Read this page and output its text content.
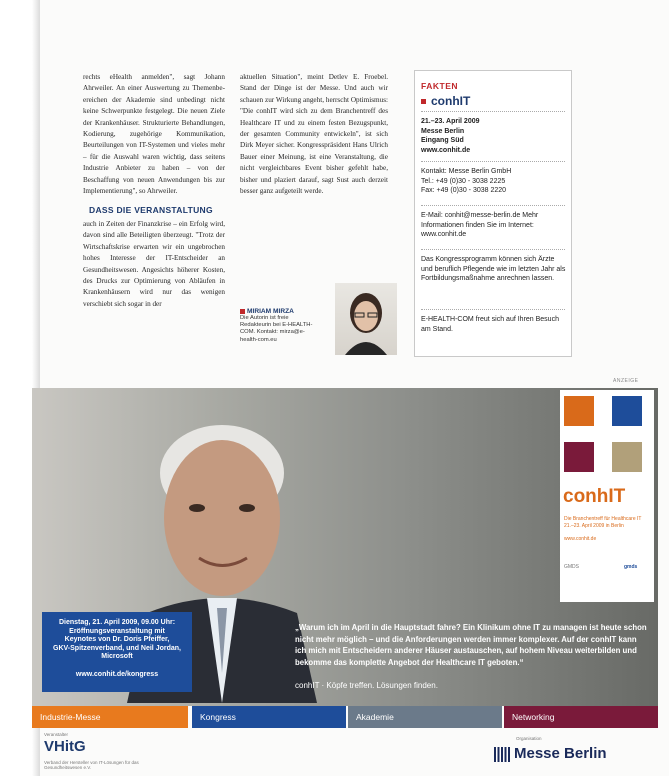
rechts eHealth anmelden", sagt Johann Ahrweiler. An einer Auswertung zu Themenbeereichen der Akademie sind unbedingt nicht keine Schwerpunkte festgelegt. Die neuen Ziele der Krankenhäuser. Strukturierte Behandlungen, Kodierung, zugehörige Kommunikation, Beurteilungen von IT-Systemen und vieles mehr – für die Auswahl waren wichtig, dass seitens Industrie Anbieter zu haben – von der Beschaffung von neuen Anwendungen bis zur Implementierung", so Ahrweiler.

DASS DIE VERANSTALTUNG

auch in Zeiten der Finanzkrise – ein Erfolg wird, davon sind alle Beteiligten überzeugt. "Trotz der Wirtschaftskrise erwarten wir ein ungebrochen hohes Interesse der IT-Entscheider an Gesundheitswesen. Angesichts höherer Kosten, des Drucks zur Optimierung von Abläufen in Krankenhäusern wird nur das wenigen verschiebt sich sogar in der

aktuellen Situation", meint Detlev E. Froebel. Stand der Dinge ist der Messe. Und auch wir schauen zur Wirkung angeht, herrscht Optimismus: "Die conhIT wird sich zu dem Branchentreff des Healthcare IT und zu einem festen Bezugspunkt, der gesamten Community entwickeln", ist sich Dirk Meyer sicher. Kongresspräsident Hans Ulrich Bauer einer Meinung, ist eine Veranstaltung, die nicht vergleichbares Event bisher gefehlt habe, bisher und plaziert darauf, sagt Sust auch derzeit besser ganz aufgeteilt werde.

MIRIAM MIRZA
Die Autorin ist freie Redakteurin bei E-HEALTH-COM. Kontakt: mirza@e-health-com.eu
FAKTEN
conhIT
21.–23. April 2009
Messe Berlin
Eingang Süd
www.conhit.de
Kontakt: Messe Berlin GmbH
Tel.: +49 (0)30 - 3038 2225
Fax: +49 (0)30 - 3038 2220
E-Mail: conhit@messe-berlin.de Mehr Informationen finden Sie im Internet: www.conhit.de
Das Kongressprogramm können sich Ärzte und beruflich Pflegende wie im letzten Jahr als Fortbildungsmaßnahme anrechnen lassen.
E-HEALTH-COM freut sich auf Ihren Besuch am Stand.
ANZEIGE
conhIT
Die Branchentreff für Healthcare IT
21.–23. April 2009 in Berlin
www.conhit.de
GMDS	gmds
Dienstag, 21. April 2009, 09.00 Uhr:
Eröffnungsveranstaltung mit
Keynotes von Dr. Doris Pfeiffer,
GKV-Spitzenverband, und Neil Jordan,
Microsoft
www.conhit.de/kongress
„Warum ich im April in die Hauptstadt fahre? Ein Klinikum ohne IT zu managen ist heute schon nicht mehr möglich – und die Anforderungen werden immer komplexer. Auf der conhIT kann ich mich mit Entscheidern anderer Häuser austauschen, auf hohem Niveau weiterbilden und bekomme das komplette Angebot der Healthcare IT geboten.“
conhIT · Köpfe treffen. Lösungen finden.
Industrie-Messe	Kongress	Akademie	Networking
Veranstalter
VHitG
Verband der Hersteller von IT-Lösungen für das Gesundheitswesen e.V.
Organisation
Messe Berlin
